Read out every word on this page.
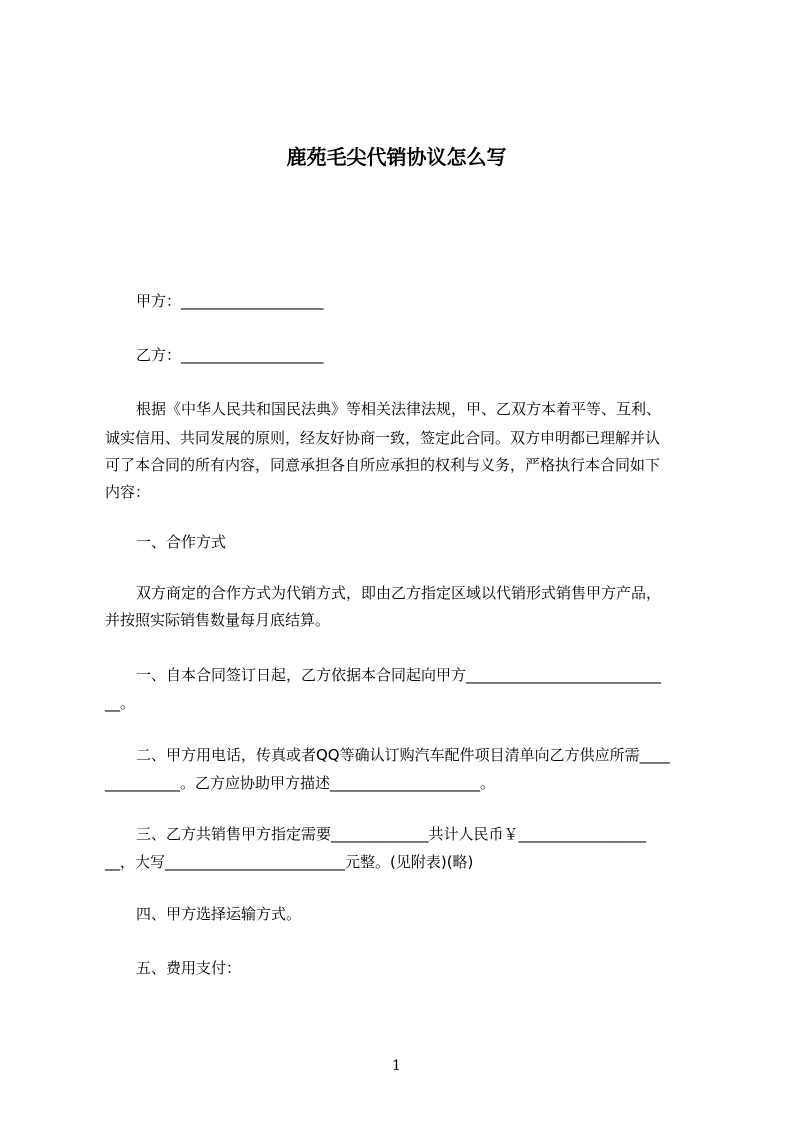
鹿苑毛尖代销协议怎么写

甲方：___________________

乙方：___________________

根据《中华人民共和国民法典》等相关法律法规，甲、乙双方本着平等、互利、

诚实信用、共同发展的原则，经友好协商一致，签定此合同。双方申明都已理解并认

可了本合同的所有内容，同意承担各自所应承担的权利与义务，严格执行本合同如下

内容：

一、合作方式

双方商定的合作方式为代销方式，即由乙方指定区域以代销形式销售甲方产品，

并按照实际销售数量每月底结算。

一、自本合同签订日起，乙方依据本合同起向甲方__________________________

__。

二、甲方用电话，传真或者QQ等确认订购汽车配件项目清单向乙方供应所需____

__________。乙方应协助甲方描述____________________。

三、乙方共销售甲方指定需要_____________共计人民币￥_________________

__，大写________________________元整。(见附表)(略)

四、甲方选择运输方式。

五、费用支付：

1
